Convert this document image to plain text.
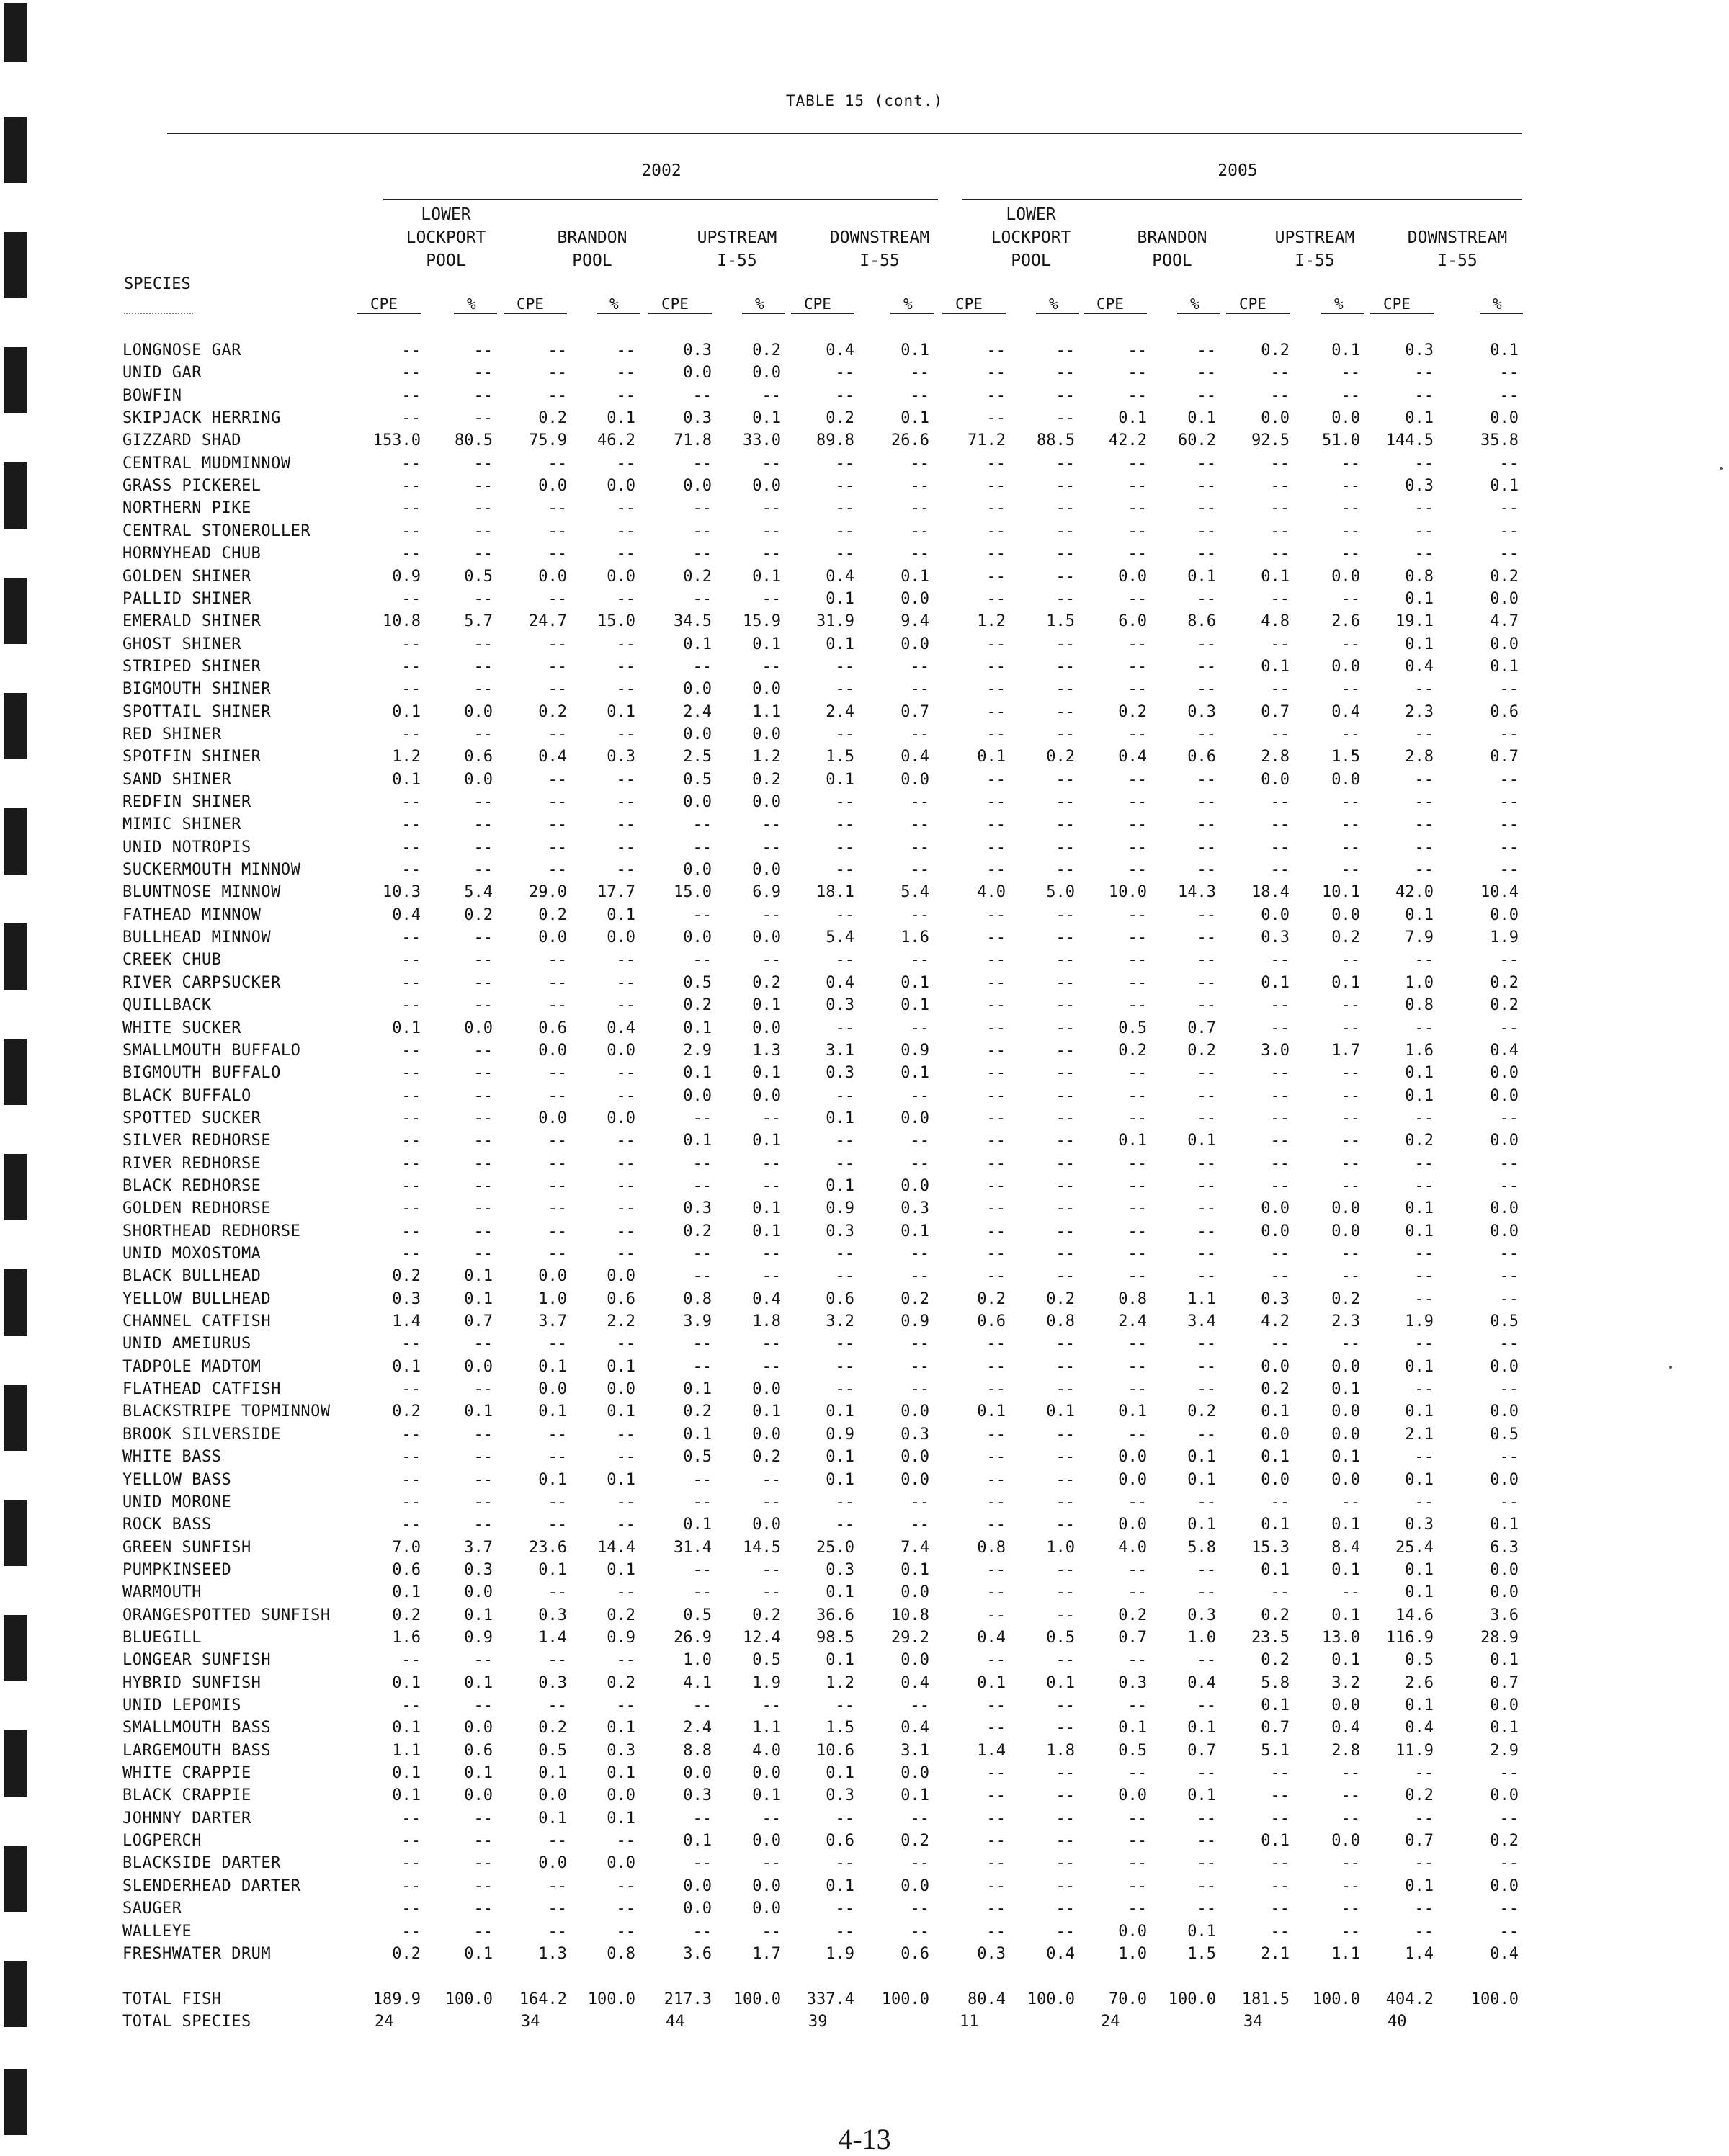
TABLE 15 (cont.)
2002	2005
LOWER
LOCKPORT
POOL
BRANDON
POOL
UPSTREAM
I-55
DOWNSTREAM
I-55
LOWER
LOCKPORT
POOL
BRANDON
POOL
UPSTREAM
I-55
DOWNSTREAM
I-55
SPECIES
CPE	%	CPE	%	CPE	%	CPE	%	CPE	%	CPE	%	CPE	%	CPE	%
LONGNOSE GAR	--	--	--	--	0.3	0.2	0.4	0.1	--	--	--	--	0.2	0.1	0.3	0.1
UNID GAR	--	--	--	--	0.0	0.0	--	--	--	--	--	--	--	--	--	--
BOWFIN	--	--	--	--	--	--	--	--	--	--	--	--	--	--	--	--
SKIPJACK HERRING	--	--	0.2	0.1	0.3	0.1	0.2	0.1	--	--	0.1	0.1	0.0	0.0	0.1	0.0
GIZZARD SHAD	153.0	80.5	75.9	46.2	71.8	33.0	89.8	26.6	71.2	88.5	42.2	60.2	92.5	51.0	144.5	35.8
CENTRAL MUDMINNOW	--	--	--	--	--	--	--	--	--	--	--	--	--	--	--	--
GRASS PICKEREL	--	--	0.0	0.0	0.0	0.0	--	--	--	--	--	--	--	--	0.3	0.1
NORTHERN PIKE	--	--	--	--	--	--	--	--	--	--	--	--	--	--	--	--
CENTRAL STONEROLLER	--	--	--	--	--	--	--	--	--	--	--	--	--	--	--	--
HORNYHEAD CHUB	--	--	--	--	--	--	--	--	--	--	--	--	--	--	--	--
GOLDEN SHINER	0.9	0.5	0.0	0.0	0.2	0.1	0.4	0.1	--	--	0.0	0.1	0.1	0.0	0.8	0.2
PALLID SHINER	--	--	--	--	--	--	0.1	0.0	--	--	--	--	--	--	0.1	0.0
EMERALD SHINER	10.8	5.7	24.7	15.0	34.5	15.9	31.9	9.4	1.2	1.5	6.0	8.6	4.8	2.6	19.1	4.7
GHOST SHINER	--	--	--	--	0.1	0.1	0.1	0.0	--	--	--	--	--	--	0.1	0.0
STRIPED SHINER	--	--	--	--	--	--	--	--	--	--	--	--	0.1	0.0	0.4	0.1
BIGMOUTH SHINER	--	--	--	--	0.0	0.0	--	--	--	--	--	--	--	--	--	--
SPOTTAIL SHINER	0.1	0.0	0.2	0.1	2.4	1.1	2.4	0.7	--	--	0.2	0.3	0.7	0.4	2.3	0.6
RED SHINER	--	--	--	--	0.0	0.0	--	--	--	--	--	--	--	--	--	--
SPOTFIN SHINER	1.2	0.6	0.4	0.3	2.5	1.2	1.5	0.4	0.1	0.2	0.4	0.6	2.8	1.5	2.8	0.7
SAND SHINER	0.1	0.0	--	--	0.5	0.2	0.1	0.0	--	--	--	--	0.0	0.0	--	--
REDFIN SHINER	--	--	--	--	0.0	0.0	--	--	--	--	--	--	--	--	--	--
MIMIC SHINER	--	--	--	--	--	--	--	--	--	--	--	--	--	--	--	--
UNID NOTROPIS	--	--	--	--	--	--	--	--	--	--	--	--	--	--	--	--
SUCKERMOUTH MINNOW	--	--	--	--	0.0	0.0	--	--	--	--	--	--	--	--	--	--
BLUNTNOSE MINNOW	10.3	5.4	29.0	17.7	15.0	6.9	18.1	5.4	4.0	5.0	10.0	14.3	18.4	10.1	42.0	10.4
FATHEAD MINNOW	0.4	0.2	0.2	0.1	--	--	--	--	--	--	--	--	0.0	0.0	0.1	0.0
BULLHEAD MINNOW	--	--	0.0	0.0	0.0	0.0	5.4	1.6	--	--	--	--	0.3	0.2	7.9	1.9
CREEK CHUB	--	--	--	--	--	--	--	--	--	--	--	--	--	--	--	--
RIVER CARPSUCKER	--	--	--	--	0.5	0.2	0.4	0.1	--	--	--	--	0.1	0.1	1.0	0.2
QUILLBACK	--	--	--	--	0.2	0.1	0.3	0.1	--	--	--	--	--	--	0.8	0.2
WHITE SUCKER	0.1	0.0	0.6	0.4	0.1	0.0	--	--	--	--	0.5	0.7	--	--	--	--
SMALLMOUTH BUFFALO	--	--	0.0	0.0	2.9	1.3	3.1	0.9	--	--	0.2	0.2	3.0	1.7	1.6	0.4
BIGMOUTH BUFFALO	--	--	--	--	0.1	0.1	0.3	0.1	--	--	--	--	--	--	0.1	0.0
BLACK BUFFALO	--	--	--	--	0.0	0.0	--	--	--	--	--	--	--	--	0.1	0.0
SPOTTED SUCKER	--	--	0.0	0.0	--	--	0.1	0.0	--	--	--	--	--	--	--	--
SILVER REDHORSE	--	--	--	--	0.1	0.1	--	--	--	--	0.1	0.1	--	--	0.2	0.0
RIVER REDHORSE	--	--	--	--	--	--	--	--	--	--	--	--	--	--	--	--
BLACK REDHORSE	--	--	--	--	--	--	0.1	0.0	--	--	--	--	--	--	--	--
GOLDEN REDHORSE	--	--	--	--	0.3	0.1	0.9	0.3	--	--	--	--	0.0	0.0	0.1	0.0
SHORTHEAD REDHORSE	--	--	--	--	0.2	0.1	0.3	0.1	--	--	--	--	0.0	0.0	0.1	0.0
UNID MOXOSTOMA	--	--	--	--	--	--	--	--	--	--	--	--	--	--	--	--
BLACK BULLHEAD	0.2	0.1	0.0	0.0	--	--	--	--	--	--	--	--	--	--	--	--
YELLOW BULLHEAD	0.3	0.1	1.0	0.6	0.8	0.4	0.6	0.2	0.2	0.2	0.8	1.1	0.3	0.2	--	--
CHANNEL CATFISH	1.4	0.7	3.7	2.2	3.9	1.8	3.2	0.9	0.6	0.8	2.4	3.4	4.2	2.3	1.9	0.5
UNID AMEIURUS	--	--	--	--	--	--	--	--	--	--	--	--	--	--	--	--
TADPOLE MADTOM	0.1	0.0	0.1	0.1	--	--	--	--	--	--	--	--	0.0	0.0	0.1	0.0
FLATHEAD CATFISH	--	--	0.0	0.0	0.1	0.0	--	--	--	--	--	--	0.2	0.1	--	--
BLACKSTRIPE TOPMINNOW	0.2	0.1	0.1	0.1	0.2	0.1	0.1	0.0	0.1	0.1	0.1	0.2	0.1	0.0	0.1	0.0
BROOK SILVERSIDE	--	--	--	--	0.1	0.0	0.9	0.3	--	--	--	--	0.0	0.0	2.1	0.5
WHITE BASS	--	--	--	--	0.5	0.2	0.1	0.0	--	--	0.0	0.1	0.1	0.1	--	--
YELLOW BASS	--	--	0.1	0.1	--	--	0.1	0.0	--	--	0.0	0.1	0.0	0.0	0.1	0.0
UNID MORONE	--	--	--	--	--	--	--	--	--	--	--	--	--	--	--	--
ROCK BASS	--	--	--	--	0.1	0.0	--	--	--	--	0.0	0.1	0.1	0.1	0.3	0.1
GREEN SUNFISH	7.0	3.7	23.6	14.4	31.4	14.5	25.0	7.4	0.8	1.0	4.0	5.8	15.3	8.4	25.4	6.3
PUMPKINSEED	0.6	0.3	0.1	0.1	--	--	0.3	0.1	--	--	--	--	0.1	0.1	0.1	0.0
WARMOUTH	0.1	0.0	--	--	--	--	0.1	0.0	--	--	--	--	--	--	0.1	0.0
ORANGESPOTTED SUNFISH	0.2	0.1	0.3	0.2	0.5	0.2	36.6	10.8	--	--	0.2	0.3	0.2	0.1	14.6	3.6
BLUEGILL	1.6	0.9	1.4	0.9	26.9	12.4	98.5	29.2	0.4	0.5	0.7	1.0	23.5	13.0	116.9	28.9
LONGEAR SUNFISH	--	--	--	--	1.0	0.5	0.1	0.0	--	--	--	--	0.2	0.1	0.5	0.1
HYBRID SUNFISH	0.1	0.1	0.3	0.2	4.1	1.9	1.2	0.4	0.1	0.1	0.3	0.4	5.8	3.2	2.6	0.7
UNID LEPOMIS	--	--	--	--	--	--	--	--	--	--	--	--	0.1	0.0	0.1	0.0
SMALLMOUTH BASS	0.1	0.0	0.2	0.1	2.4	1.1	1.5	0.4	--	--	0.1	0.1	0.7	0.4	0.4	0.1
LARGEMOUTH BASS	1.1	0.6	0.5	0.3	8.8	4.0	10.6	3.1	1.4	1.8	0.5	0.7	5.1	2.8	11.9	2.9
WHITE CRAPPIE	0.1	0.1	0.1	0.1	0.0	0.0	0.1	0.0	--	--	--	--	--	--	--	--
BLACK CRAPPIE	0.1	0.0	0.0	0.0	0.3	0.1	0.3	0.1	--	--	0.0	0.1	--	--	0.2	0.0
JOHNNY DARTER	--	--	0.1	0.1	--	--	--	--	--	--	--	--	--	--	--	--
LOGPERCH	--	--	--	--	0.1	0.0	0.6	0.2	--	--	--	--	0.1	0.0	0.7	0.2
BLACKSIDE DARTER	--	--	0.0	0.0	--	--	--	--	--	--	--	--	--	--	--	--
SLENDERHEAD DARTER	--	--	--	--	0.0	0.0	0.1	0.0	--	--	--	--	--	--	0.1	0.0
SAUGER	--	--	--	--	0.0	0.0	--	--	--	--	--	--	--	--	--	--
WALLEYE	--	--	--	--	--	--	--	--	--	--	0.0	0.1	--	--	--	--
FRESHWATER DRUM	0.2	0.1	1.3	0.8	3.6	1.7	1.9	0.6	0.3	0.4	1.0	1.5	2.1	1.1	1.4	0.4
TOTAL FISH	189.9	100.0	164.2	100.0	217.3	100.0	337.4	100.0	80.4	100.0	70.0	100.0	181.5	100.0	404.2	100.0
TOTAL SPECIES	24	34	44	39	11	24	34	40
4-13
